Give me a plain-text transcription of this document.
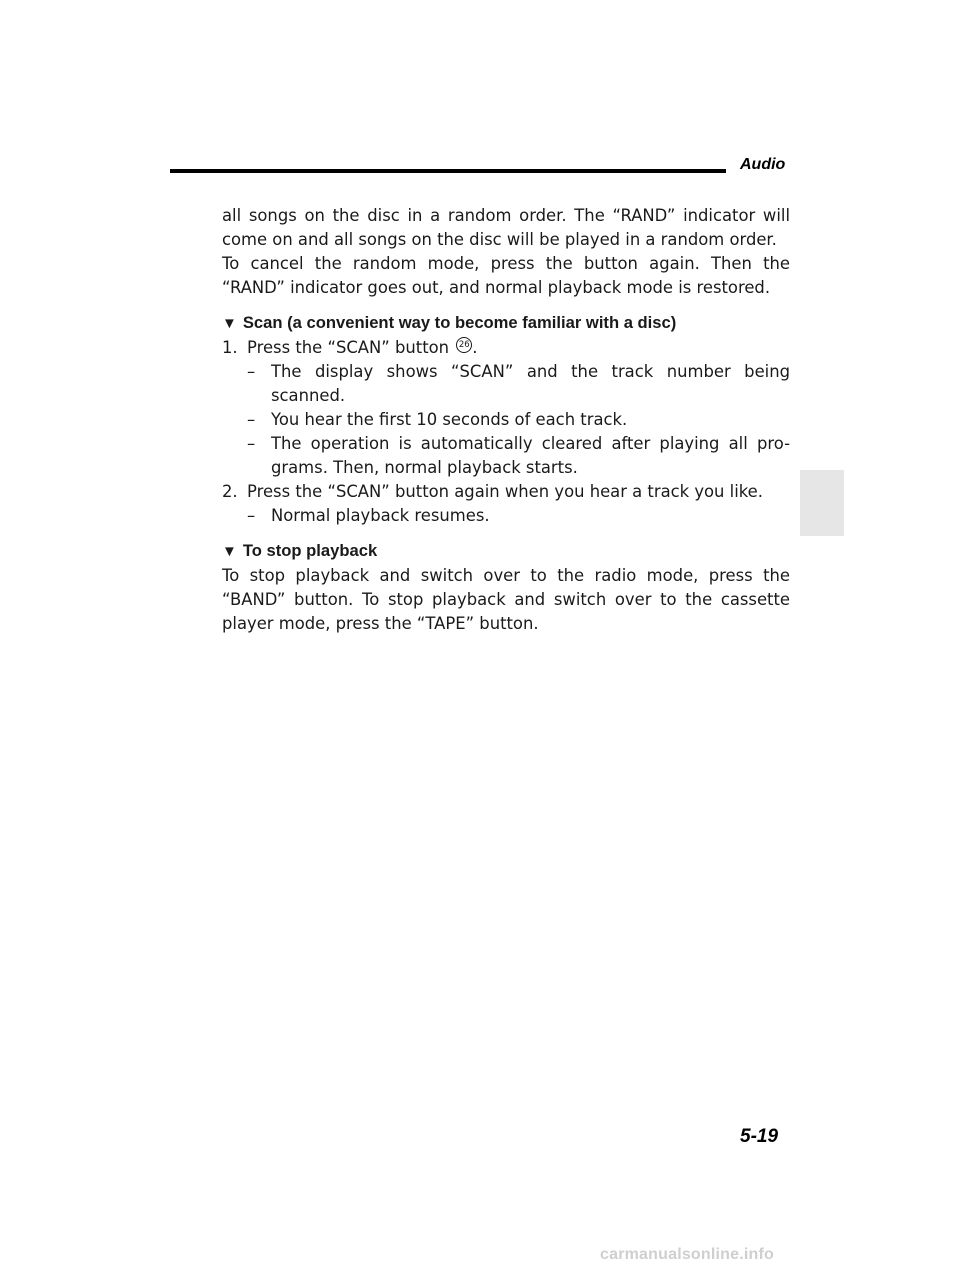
Audio

all songs on the disc in a random order. The “RAND” indicator will come on and all songs on the disc will be played in a random order.

To cancel the random mode, press the button again. Then the “RAND” indicator goes out, and normal playback mode is restored.

▼ Scan (a convenient way to become familiar with a disc)

1. Press the “SCAN” button 26 .
– The display shows “SCAN” and the track number being scanned.
– You hear the first 10 seconds of each track.
– The operation is automatically cleared after playing all pro- grams. Then, normal playback starts.
2. Press the “SCAN” button again when you hear a track you like.
– Normal playback resumes.

▼ To stop playback

To stop playback and switch over to the radio mode, press the “BAND” button. To stop playback and switch over to the cassette player mode, press the “TAPE” button.

5-19
carmanualsonline.info
